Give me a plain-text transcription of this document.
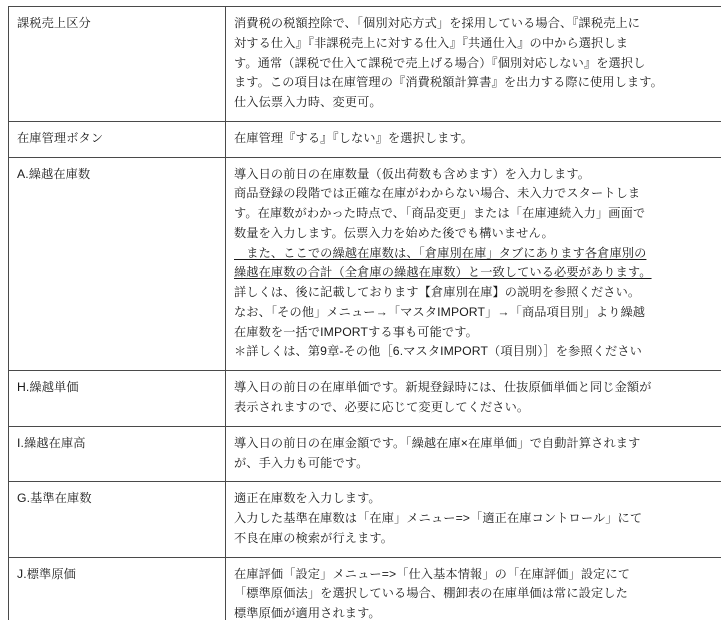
課税売上区分	消費税の税額控除で、「個別対応方式」を採用している場合、『課税売上に
対する仕入』『非課税売上に対する仕入』『共通仕入』の中から選択しま
す。通常（課税で仕入て課税で売上げる場合）『個別対応しない』を選択し
ます。この項目は在庫管理の『消費税額計算書』を出力する際に使用します。
仕入伝票入力時、変更可。

在庫管理ボタン	在庫管理『する』『しない』を選択します。

A.繰越在庫数	導入日の前日の在庫数量（仮出荷数も含めます）を入力します。
商品登録の段階では正確な在庫がわからない場合、未入力でスタートしま
す。在庫数がわかった時点で、「商品変更」または「在庫連続入力」画面で
数量を入力します。伝票入力を始めた後でも構いません。
　また、ここでの繰越在庫数は、「倉庫別在庫」タブにあります各倉庫別の
繰越在庫数の合計（全倉庫の繰越在庫数）と一致している必要があります。
詳しくは、後に記載しております【倉庫別在庫】の説明を参照ください。
なお、「その他」メニュー→「マスタIMPORT」→「商品項目別」より繰越
在庫数を一括でIMPORTする事も可能です。
＊詳しくは、第9章-その他［6.マスタIMPORT（項目別）］を参照ください

H.繰越単価	導入日の前日の在庫単価です。新規登録時には、仕抜原価単価と同じ金額が
表示されますので、必要に応じて変更してください。

I.繰越在庫高	導入日の前日の在庫金額です。「繰越在庫×在庫単価」で自動計算されます
が、手入力も可能です。

G.基準在庫数	適正在庫数を入力します。
入力した基準在庫数は「在庫」メニュー=>「適正在庫コントロール」にて
不良在庫の検索が行えます。

J.標準原価	在庫評価「設定」メニュー=>「仕入基本情報」の「在庫評価」設定にて
「標準原価法」を選択している場合、棚卸表の在庫単価は常に設定した
標準原価が適用されます。
